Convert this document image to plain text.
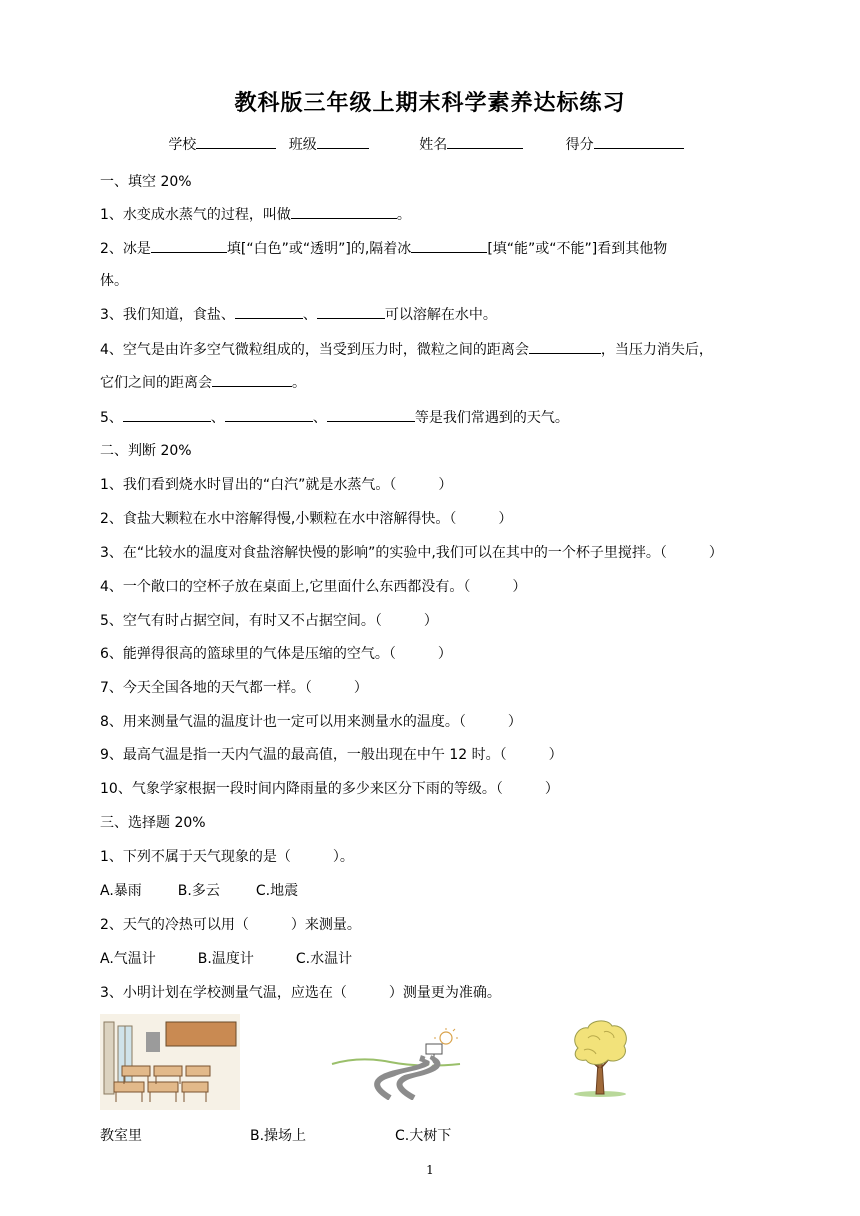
教科版三年级上期末科学素养达标练习
学校	班级	姓名	得分
一、填空 20%
1、水变成水蒸气的过程，叫做	。
2、冰是	填[“白色”或“透明”]的,隔着冰	[填“能”或“不能”]看到其他物
体。
3、我们知道，食盐、	、	可以溶解在水中。
4、空气是由许多空气微粒组成的，当受到压力时，微粒之间的距离会	，当压力消失后，
它们之间的距离会	。
5、	、	、	等是我们常遇到的天气。
二、判断 20%
1、我们看到烧水时冒出的“白汽”就是水蒸气。（　　　）
2、食盐大颗粒在水中溶解得慢,小颗粒在水中溶解得快。（　　　）
3、在“比较水的温度对食盐溶解快慢的影响”的实验中,我们可以在其中的一个杯子里搅拌。（　　　）
4、一个敞口的空杯子放在桌面上,它里面什么东西都没有。（　　　）
5、空气有时占据空间，有时又不占据空间。（　　　）
6、能弹得很高的篮球里的气体是压缩的空气。（　　　）
7、今天全国各地的天气都一样。（　　　）
8、用来测量气温的温度计也一定可以用来测量水的温度。（　　　）
9、最高气温是指一天内气温的最高值，一般出现在中午 12 时。（　　　）
10、气象学家根据一段时间内降雨量的多少来区分下雨的等级。（　　　）
三、选择题 20%
1、下列不属于天气现象的是（　　　）。
A.暴雨	B.多云	C.地震
2、天气的冷热可以用（　　　）来测量。
A.气温计	B.温度计	C.水温计
3、小明计划在学校测量气温，应选在（　　　）测量更为准确。
教室里	B.操场上	C.大树下
1
